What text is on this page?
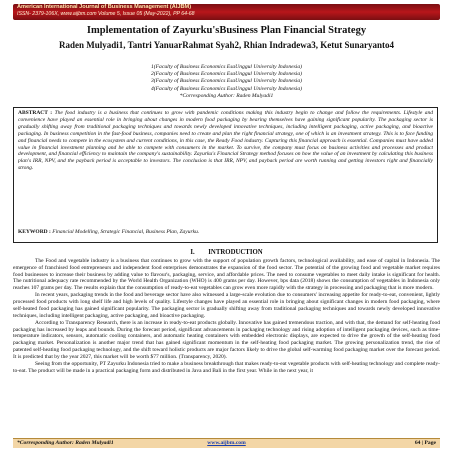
American International Journal of Business Management (AIJBM)
ISSN- 2379-106X, www.aijbm.com Volume 5, Issue 05 (May-2022), PP 64-68
Implementation of Zayurku'sBusiness Plan Financial Strategy
Raden Mulyadi1, Tantri YanuarRahmat Syah2, Rhian Indradewa3, Ketut Sunaryanto4
1(Faculty of Business Economics EsaUnggul University Indonesia)
2(Faculty of Business Economics EsaUnggul University Indonesia)
3(Faculty of Business Economics EsaUnggul University Indonesia)
4(Faculty of Business Economics EsaUnggul University Indonesia)
*Corresponding Author: Raden Mulyadi1

ABSTRACT : The food industry is a business that continues to grow with pandemic conditions making this industry begin to change and follow the requirements. Lifestyle and convenience have played an essential role in bringing about changes in modern food packaging by bearing themselves have gaining significant popularity. The packaging sector is gradually shifting away from traditional packaging techniques and towards newly developed innovative techniques, including intelligent packaging, active packaging, and bioactive packaging. In business competition in the fast-food business, companies need to create and plan the right financial strategy, one of which is an investment strategy. This is to face funding and financial needs to compete in the ecosystem and current conditions, in this case, the Ready Food industry. Capturing this financial approach is essential. Companies must have added value in financial investment planning and be able to compete with consumers in the market. To survive, the company must focus on business activities and processes and product development, and financial efficiency to maintain the company's sustainability. Zayurku's Financial Strategy method focuses on how the value of an investment by calculating this business plan's IRR, NPV, and the payback period is acceptable to investors. The conclusion is that IRR, NPV, and payback period are worth running and getting investors right and financially strong.

KEYWORD : Financial Modelling, Strategic Financial, Business Plan, Zayurku.

I. INTRODUCTION

The Food and vegetable industry is a business that continues to grow with the support of population growth factors, technological availability, and ease of capital in Indonesia. The emergence of franchised food entrepreneurs and independent food enterprises demonstrates the expansion of the food sector. The potential of the growing food and vegetable market requires food businesses to increase their business by adding value to flavour's, packaging, service, and affordable prices. The need to consume vegetables to meet daily intake is significant for health. The nutritional adequacy rate recommended by the World Health Organization (WHO) is 400 grams per day. However, bps data (2018) shows the consumption of vegetables in Indonesia only reaches 107 grams per day. The results explain that the consumption of ready-to-eat vegetables can grow even more rapidly with the strategy in processing and packaging that is more modern.

In recent years, packaging trends in the food and beverage sector have also witnessed a large-scale evolution due to consumers' increasing appetite for ready-to-eat, convenient, lightly processed food products with long shelf life and high levels of quality. Lifestyle changes have played an essential role in bringing about significant changes in modern food packaging, where self-heated food packaging has gained significant popularity. The packaging sector is gradually shifting away from traditional packaging techniques and towards newly developed innovative techniques, including intelligent packaging, active packaging, and bioactive packaging.

According to Transparency Research, there is an increase in ready-to-eat products globally. Innovative has gained tremendous traction, and with that, the demand for self-heating food packaging has increased by leaps and bounds. During the forecast period, significant advancements in packaging technology and rising adoption of intelligent packaging devices, such as time-temperature indicators, sensors, automatic cooling containers, and automatic heating containers with embedded electronic displays, are expected to drive the growth of the self-heating food packaging market. Personalization is another major trend that has gained significant momentum in the self-heating food packaging market. The growing personalization trend, the rise of patented self-heating food packaging technology, and the shift toward holistic products are major factors likely to drive the global self-warming food packaging market over the forecast period. It is predicted that by the year 2027, this market will be worth $77 million. (Transparency, 2020).

Seeing from the opportunity, PT Zayurku Indonesia tried to make a business breakthrough that makes ready-to-eat vegetable products with self-heating technology and complete ready-to-eat. The product will be made in a practical packaging form and distributed in Java and Bali in the first year. While in the next year, it

*Corresponding Author: Raden Mulyadi1	www.aijbm.com	64 | Page
